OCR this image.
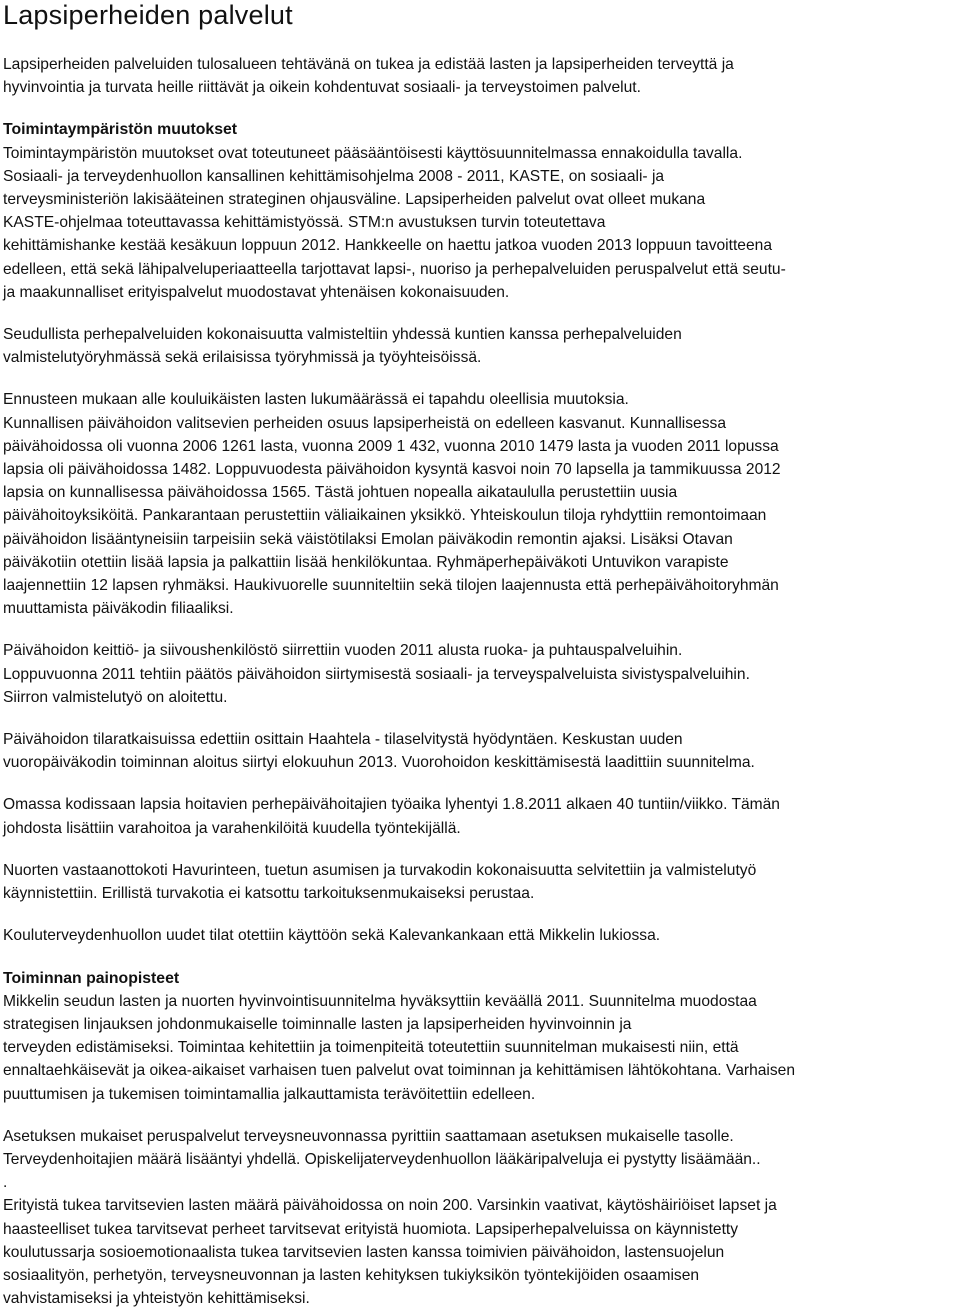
Lapsiperheiden palvelut
Lapsiperheiden palveluiden tulosalueen tehtävänä on tukea ja edistää lasten ja lapsiperheiden terveyttä ja
hyvinvointia ja turvata heille riittävät ja oikein kohdentuvat sosiaali- ja terveystoimen palvelut.
Toimintaympäristön muutokset
Toimintaympäristön muutokset ovat toteutuneet pääsääntöisesti käyttösuunnitelmassa ennakoidulla tavalla.
Sosiaali- ja terveydenhuollon kansallinen kehittämisohjelma 2008 - 2011, KASTE, on sosiaali- ja
terveysministeriön lakisääteinen strateginen ohjausväline. Lapsiperheiden palvelut ovat olleet mukana
KASTE-ohjelmaa toteuttavassa kehittämistyössä. STM:n avustuksen turvin toteutettava
kehittämishanke kestää kesäkuun loppuun 2012. Hankkeelle on haettu jatkoa vuoden 2013 loppuun tavoitteena
edelleen, että sekä lähipalveluperiaatteella tarjottavat lapsi-, nuoriso ja perhepalveluiden peruspalvelut että seutu-
ja maakunnalliset erityispalvelut muodostavat yhtenäisen kokonaisuuden.
Seudullista perhepalveluiden kokonaisuutta valmisteltiin yhdessä kuntien kanssa perhepalveluiden
valmistelutyöryhmässä sekä erilaisissa työryhmissä ja työyhteisöissä.
Ennusteen mukaan alle kouluikäisten lasten lukumäärässä ei tapahdu oleellisia muutoksia.
Kunnallisen päivähoidon valitsevien perheiden osuus lapsiperheistä on edelleen kasvanut. Kunnallisessa
päivähoidossa oli vuonna 2006 1261 lasta, vuonna 2009 1 432, vuonna 2010 1479 lasta ja vuoden 2011 lopussa
lapsia oli päivähoidossa 1482. Loppuvuodesta päivähoidon kysyntä kasvoi noin 70 lapsella ja tammikuussa 2012
lapsia on kunnallisessa päivähoidossa 1565. Tästä johtuen nopealla aikataululla perustettiin uusia
päivähoitoyksiköitä. Pankarantaan perustettiin väliaikainen yksikkö. Yhteiskoulun tiloja ryhdyttiin remontoimaan
päivähoidon lisääntyneisiin tarpeisiin sekä väistötilaksi Emolan päiväkodin remontin ajaksi. Lisäksi Otavan
päiväkotiin otettiin lisää lapsia ja palkattiin lisää henkilökuntaa. Ryhmäperhepäiväkoti Untuvikon varapiste
laajennettiin 12 lapsen ryhmäksi. Haukivuorelle suunniteltiin sekä tilojen laajennusta että perhepäivähoitoryhmän
muuttamista päiväkodin filiaaliksi.
Päivähoidon keittiö- ja siivoushenkilöstö siirrettiin vuoden 2011 alusta ruoka- ja puhtauspalveluihin.
Loppuvuonna 2011 tehtiin päätös päivähoidon siirtymisestä sosiaali- ja terveyspalveluista sivistyspalveluihin.
Siirron valmistelutyö on aloitettu.
Päivähoidon tilaratkaisuissa edettiin osittain Haahtela - tilaselvitystä hyödyntäen. Keskustan uuden
vuoropäiväkodin toiminnan aloitus siirtyi elokuuhun 2013. Vuorohoidon keskittämisestä laadittiin suunnitelma.
Omassa kodissaan lapsia hoitavien perhepäivähoitajien työaika lyhentyi 1.8.2011 alkaen 40 tuntiin/viikko. Tämän
johdosta lisättiin varahoitoa ja varahenkilöitä kuudella työntekijällä.
Nuorten vastaanottokoti Havurinteen, tuetun asumisen ja turvakodin kokonaisuutta selvitettiin ja valmistelutyö
käynnistettiin. Erillistä turvakotia ei katsottu tarkoituksenmukaiseksi perustaa.
Kouluterveydenhuollon uudet tilat otettiin käyttöön sekä Kalevankankaan että Mikkelin lukiossa.
Toiminnan painopisteet
Mikkelin seudun lasten ja nuorten hyvinvointisuunnitelma hyväksyttiin keväällä 2011. Suunnitelma muodostaa
strategisen linjauksen johdonmukaiselle toiminnalle lasten ja lapsiperheiden hyvinvoinnin ja
terveyden edistämiseksi. Toimintaa kehitettiin ja toimenpiteitä toteutettiin suunnitelman mukaisesti niin, että
ennaltaehkäisevät ja oikea-aikaiset varhaisen tuen palvelut ovat toiminnan ja kehittämisen lähtökohtana. Varhaisen
puuttumisen ja tukemisen toimintamallia jalkauttamista terävöitettiin edelleen.
Asetuksen mukaiset peruspalvelut terveysneuvonnassa pyrittiin saattamaan asetuksen mukaiselle tasolle.
Terveydenhoitajien määrä lisääntyi yhdellä. Opiskelijaterveydenhuollon lääkäripalveluja ei pystytty lisäämään..
.
Erityistä tukea tarvitsevien lasten määrä päivähoidossa on noin 200. Varsinkin vaativat, käytöshäiriöiset lapset ja
haasteelliset tukea tarvitsevat perheet tarvitsevat erityistä huomiota. Lapsiperhepalveluissa on käynnistetty
koulutussarja sosioemotionaalista tukea tarvitsevien lasten kanssa toimivien päivähoidon, lastensuojelun
sosiaalityön, perhetyön, terveysneuvonnan ja lasten kehityksen tukiyksikön työntekijöiden osaamisen
vahvistamiseksi ja yhteistyön kehittämiseksi.
